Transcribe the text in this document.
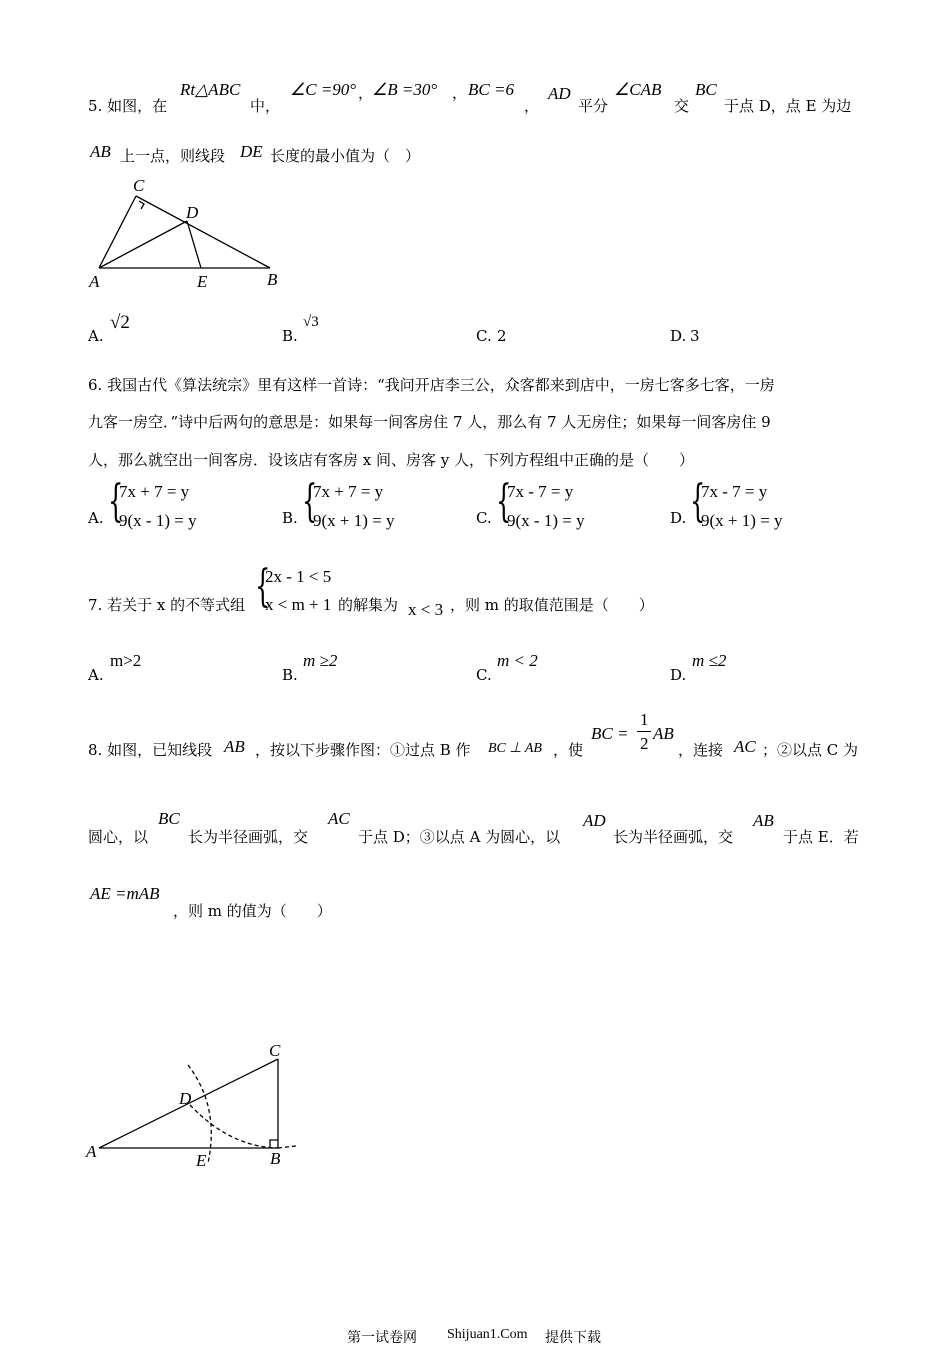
5. 如图，在
Rt△ABC
中，
∠C =90° ，
∠B =30° ， BC =6
，
AD
平分
∠CAB
交
BC
于点 D，点 E 为边
AB 上一点，则线段 DE 长度的最小值为（　）
C
D
A	E	B
A.
√2
B.
√3
C. 2	D. 3
6. 我国古代《算法统宗》里有这样一首诗：“我问开店李三公，众客都来到店中，一房七客多七客，一房
九客一房空．”诗中后两句的意思是：如果每一间客房住 7 人，那么有 7 人无房住；如果每一间客房住 9
人，那么就空出一间客房．设该店有客房 x 间、房客 y 人，下列方程组中正确的是（　　）
A. {
7x + 7 = y
9(x - 1) = y	B. {
7x + 7 = y
9(x + 1) = y	C. {
7x - 7 = y
9(x - 1) = y	D. {
7x - 7 = y
9(x + 1) = y
7. 若关于 x 的不等式组 {
2x - 1 < 5
x < m + 1 的解集为 x < 3 ，则 m 的取值范围是（　　）
A.
m>2
B.
m ≥2
C.
m < 2
D.
m ≤2
8. 如图，已知线段 AB ，按以下步骤作图：①过点 B 作 BC ⊥ AB ，使
BC =
1
2
AB
，连接 AC ；②以点 C 为
圆心，以
BC
长为半径画弧，交
AC
于点 D；③以点 A 为圆心，以
AD
长为半径画弧，交
AB
于点 E．若
AE =mAB
，则 m 的值为（　　）
C
D
A	E	B
第一试卷网 Shijuan1.Com 提供下载
